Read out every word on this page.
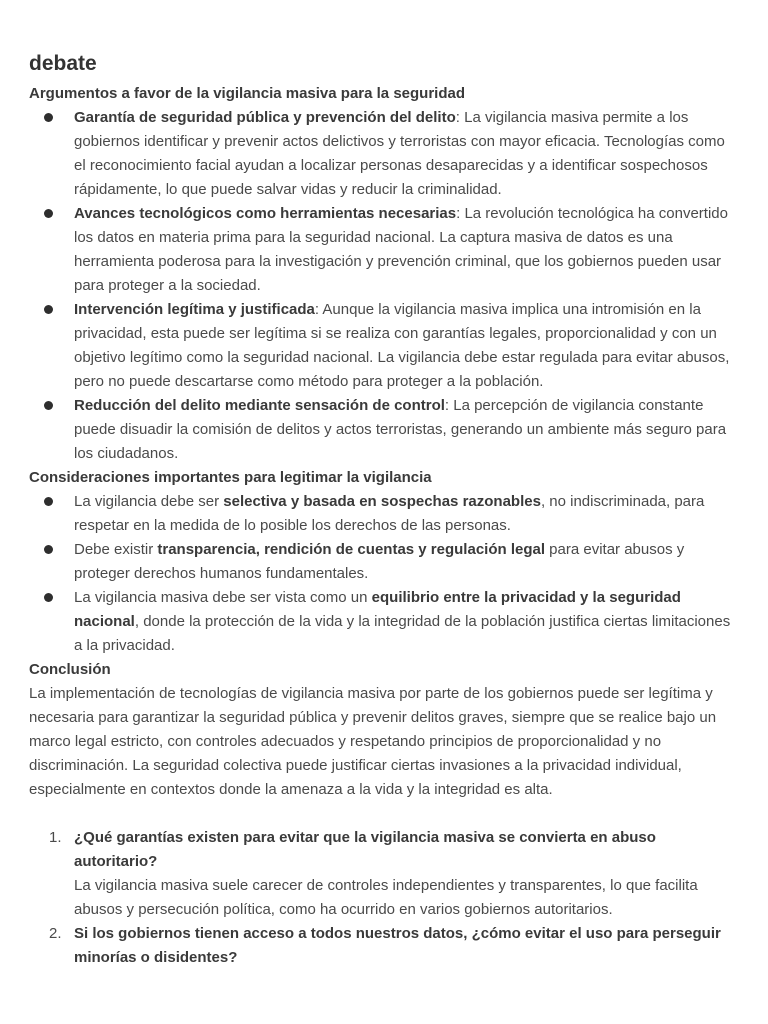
debate
Argumentos a favor de la vigilancia masiva para la seguridad
Garantía de seguridad pública y prevención del delito: La vigilancia masiva permite a los gobiernos identificar y prevenir actos delictivos y terroristas con mayor eficacia. Tecnologías como el reconocimiento facial ayudan a localizar personas desaparecidas y a identificar sospechosos rápidamente, lo que puede salvar vidas y reducir la criminalidad.
Avances tecnológicos como herramientas necesarias: La revolución tecnológica ha convertido los datos en materia prima para la seguridad nacional. La captura masiva de datos es una herramienta poderosa para la investigación y prevención criminal, que los gobiernos pueden usar para proteger a la sociedad.
Intervención legítima y justificada: Aunque la vigilancia masiva implica una intromisión en la privacidad, esta puede ser legítima si se realiza con garantías legales, proporcionalidad y con un objetivo legítimo como la seguridad nacional. La vigilancia debe estar regulada para evitar abusos, pero no puede descartarse como método para proteger a la población.
Reducción del delito mediante sensación de control: La percepción de vigilancia constante puede disuadir la comisión de delitos y actos terroristas, generando un ambiente más seguro para los ciudadanos.
Consideraciones importantes para legitimar la vigilancia
La vigilancia debe ser selectiva y basada en sospechas razonables, no indiscriminada, para respetar en la medida de lo posible los derechos de las personas.
Debe existir transparencia, rendición de cuentas y regulación legal para evitar abusos y proteger derechos humanos fundamentales.
La vigilancia masiva debe ser vista como un equilibrio entre la privacidad y la seguridad nacional, donde la protección de la vida y la integridad de la población justifica ciertas limitaciones a la privacidad.
Conclusión

La implementación de tecnologías de vigilancia masiva por parte de los gobiernos puede ser legítima y necesaria para garantizar la seguridad pública y prevenir delitos graves, siempre que se realice bajo un marco legal estricto, con controles adecuados y respetando principios de proporcionalidad y no discriminación. La seguridad colectiva puede justificar ciertas invasiones a la privacidad individual, especialmente en contextos donde la amenaza a la vida y la integridad es alta.

1. ¿Qué garantías existen para evitar que la vigilancia masiva se convierta en abuso autoritario?
La vigilancia masiva suele carecer de controles independientes y transparentes, lo que facilita abusos y persecución política, como ha ocurrido en varios gobiernos autoritarios.
2. Si los gobiernos tienen acceso a todos nuestros datos, ¿cómo evitar el uso para perseguir minorías o disidentes?
